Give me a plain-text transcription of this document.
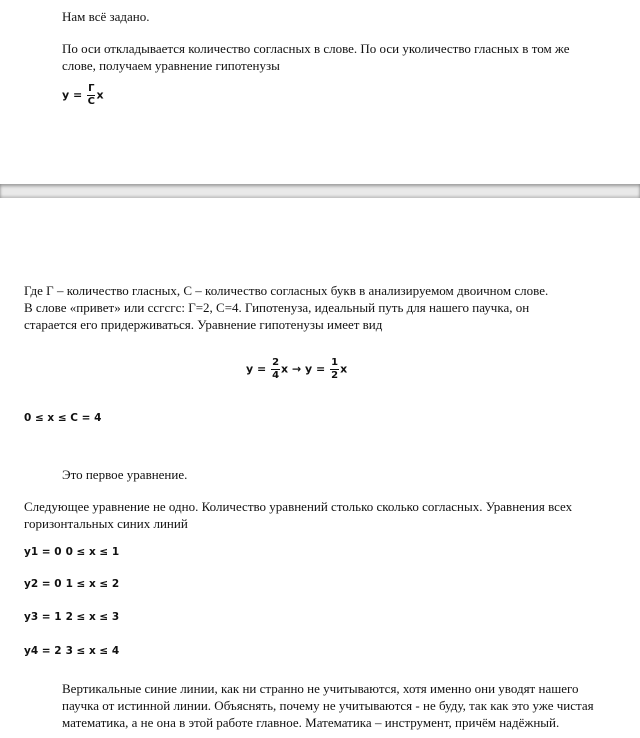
Нам всё задано.

По оси откладывается количество согласных в слове. По оси уколичество гласных в том же слове, получаем уравнение гипотенузы

$y = \frac{Г}{С}$ x

Где Г – количество гласных, С – количество согласных букв в анализируемом двоичном слове. В слове «привет» или ссгсгс: Г=2, С=4. Гипотенуза, идеальный путь для нашего паучка, он старается его придерживаться. Уравнение гипотенузы имеет вид

$y = \frac{2}{4}$ $x \to y = \frac{1}{2}$ x
0 ≤ x ≤ C = 4

Это первое уравнение.

Следующее уравнение не одно. Количество уравнений столько сколько согласных. Уравнения всех горизонтальных синих линий

y1 = 0 0 ≤ x ≤ 1
y2 = 0 1 ≤ x ≤ 2
y3 = 1 2 ≤ x ≤ 3
y4 = 2 3 ≤ x ≤ 4

Вертикальные синие линии, как ни странно не учитываются, хотя именно они уводят нашего паучка от истинной линии. Объяснять, почему не учитываются - не буду, так как это уже чистая математика, а не она в этой работе главное. Математика – инструмент, причём надёжный.
